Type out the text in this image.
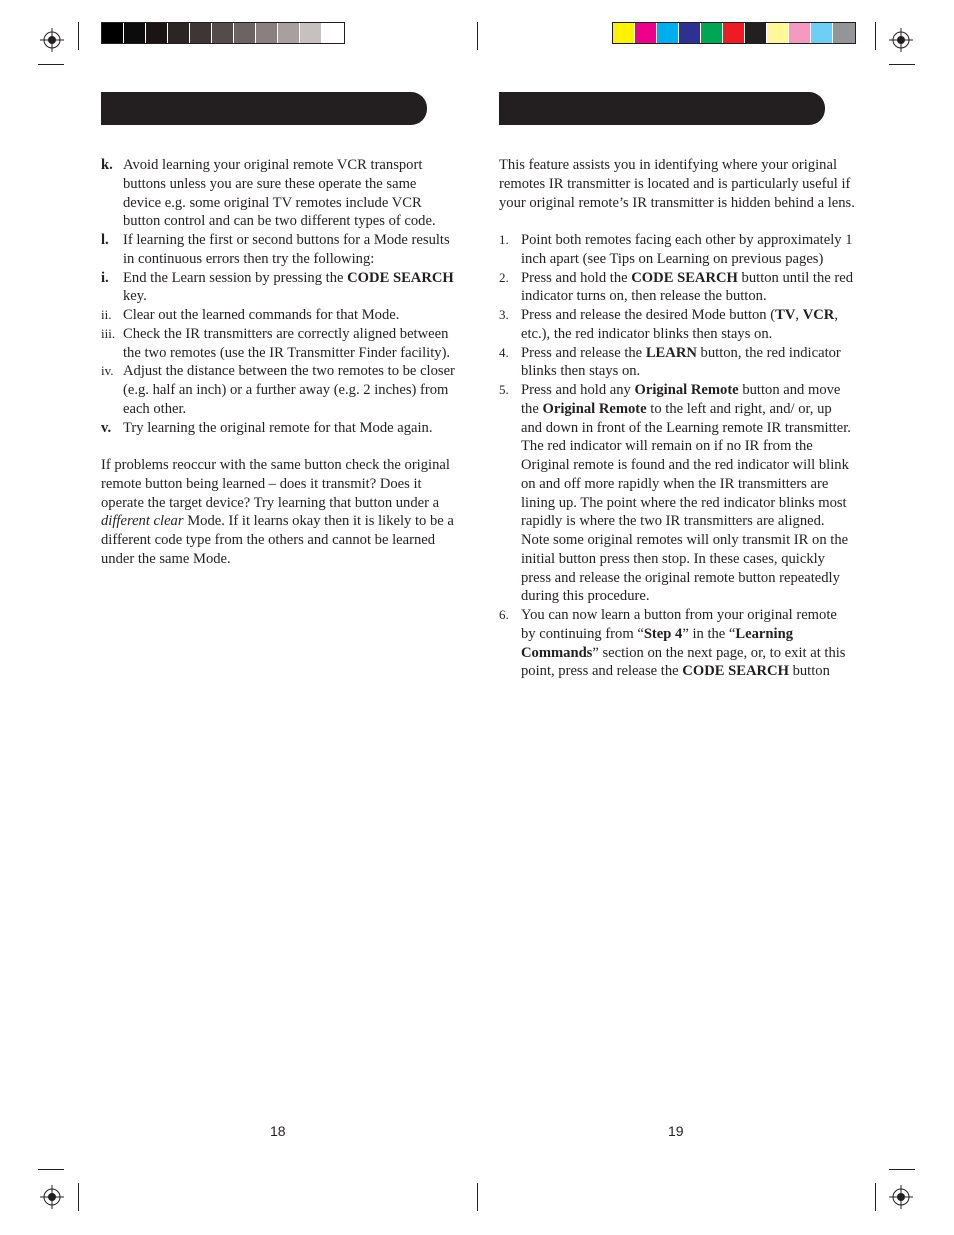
k. Avoid learning your original remote VCR transport buttons unless you are sure these operate the same device e.g. some original TV remotes include VCR button control and can be two different types of code.
l. If learning the first or second buttons for a Mode results in continuous errors then try the following:
i. End the Learn session by pressing the CODE SEARCH key.
ii. Clear out the learned commands for that Mode.
iii. Check the IR transmitters are correctly aligned between the two remotes (use the IR Transmitter Finder facility).
iv. Adjust the distance between the two remotes to be closer (e.g. half an inch) or a further away (e.g. 2 inches) from each other.
v. Try learning the original remote for that Mode again.
If problems reoccur with the same button check the original remote button being learned – does it transmit? Does it operate the target device? Try learning that button under a different clear Mode. If it learns okay then it is likely to be a different code type from the others and cannot be learned under the same Mode.
This feature assists you in identifying where your original remotes IR transmitter is located and is particularly useful if your original remote’s IR transmitter is hidden behind a lens.
1. Point both remotes facing each other by approximately 1 inch apart (see Tips on Learning on previous pages)
2. Press and hold the CODE SEARCH button until the red indicator turns on, then release the button.
3. Press and release the desired Mode button (TV, VCR, etc.), the red indicator blinks then stays on.
4. Press and release the LEARN button, the red indicator blinks then stays on.
5. Press and hold any Original Remote button and move the Original Remote to the left and right, and/ or, up and down in front of the Learning remote IR transmitter. The red indicator will remain on if no IR from the Original remote is found and the red indicator will blink on and off more rapidly when the IR transmitters are lining up. The point where the red indicator blinks most rapidly is where the two IR transmitters are aligned. Note some original remotes will only transmit IR on the initial button press then stop. In these cases, quickly press and release the original remote button repeatedly during this procedure.
6. You can now learn a button from your original remote by continuing from “Step 4” in the “Learning Commands” section on the next page, or, to exit at this point, press and release the CODE SEARCH button
18	19
